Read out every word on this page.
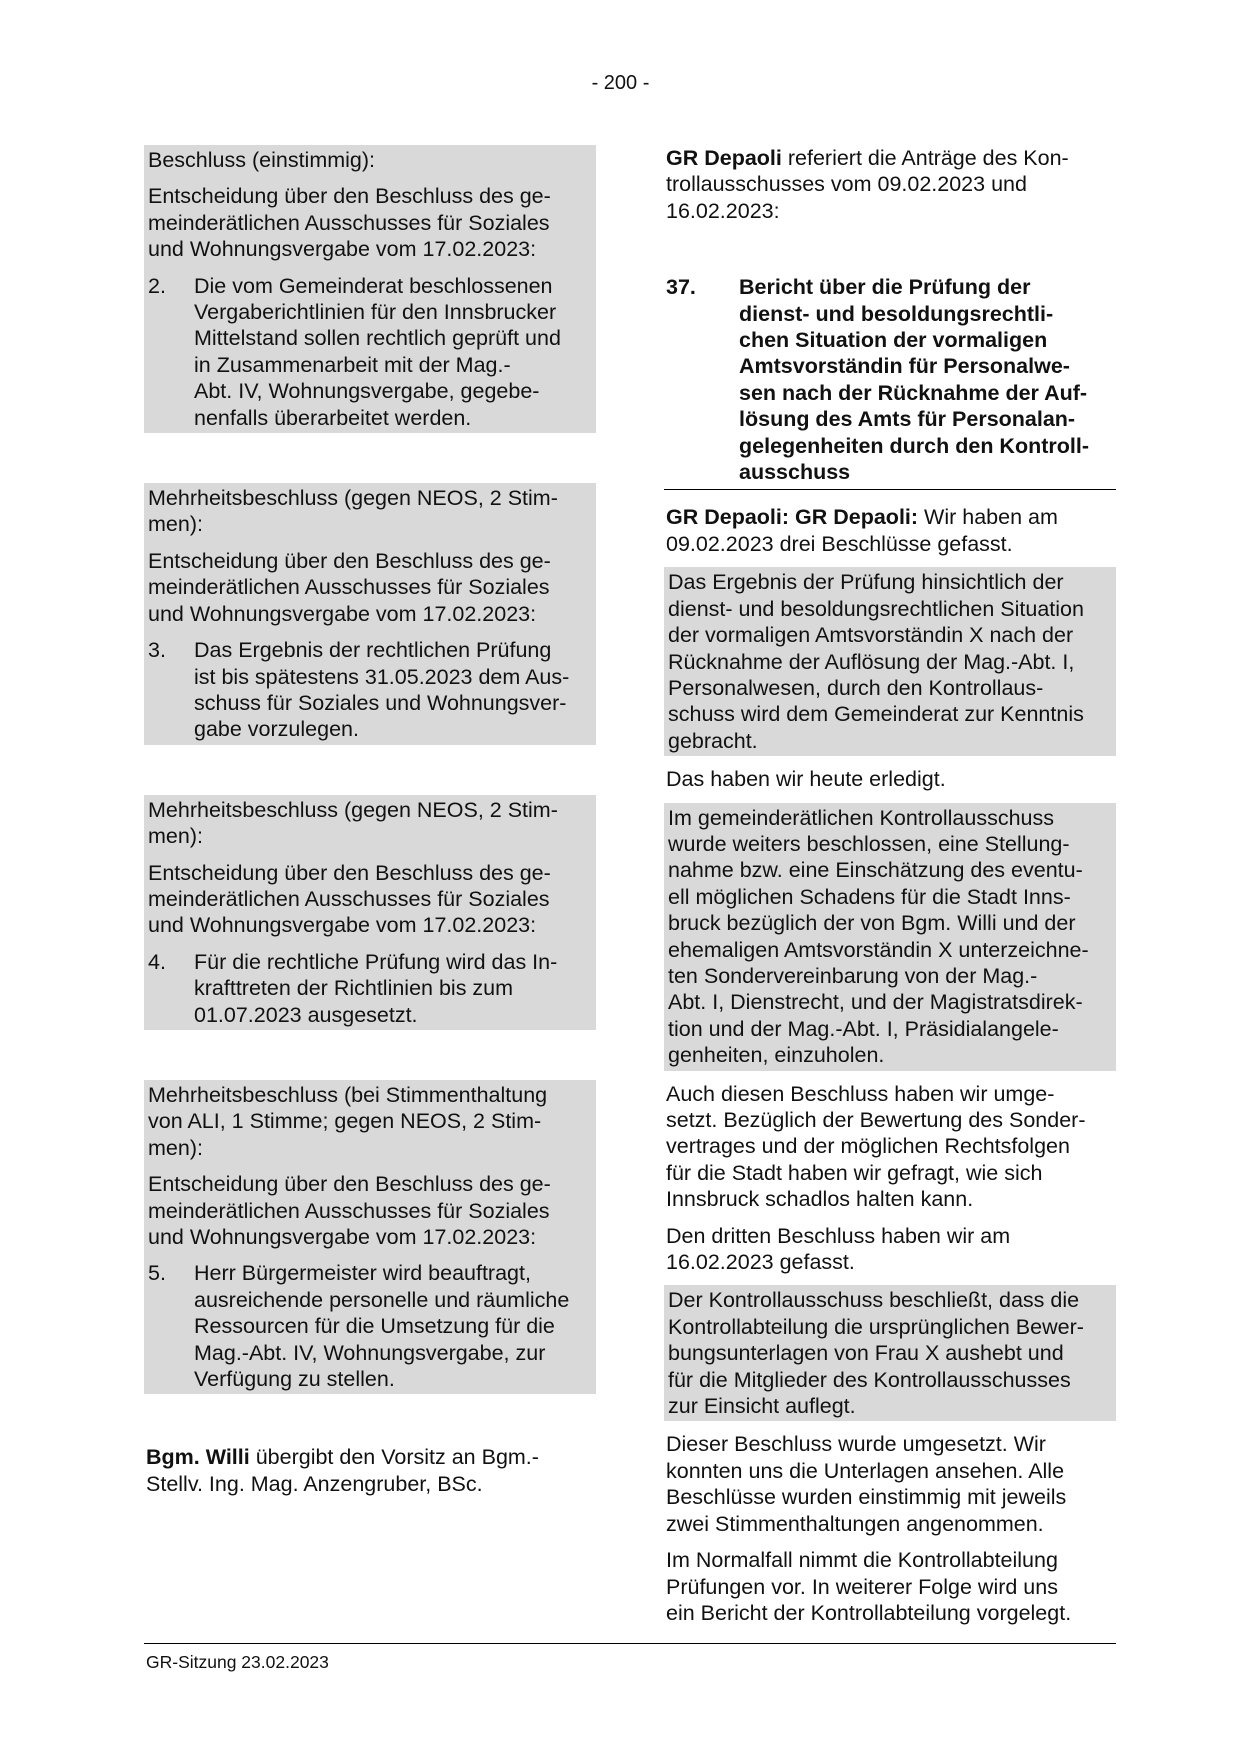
- 200 -

Beschluss (einstimmig):

Entscheidung über den Beschluss des ge-
meinderätlichen Ausschusses für Soziales
und Wohnungsvergabe vom 17.02.2023:

2.	Die vom Gemeinderat beschlossenen
Vergaberichtlinien für den Innsbrucker
Mittelstand sollen rechtlich geprüft und
in Zusammenarbeit mit der Mag.-
Abt. IV, Wohnungsvergabe, gegebe-
nenfalls überarbeitet werden.

Mehrheitsbeschluss (gegen NEOS, 2 Stim-
men):

Entscheidung über den Beschluss des ge-
meinderätlichen Ausschusses für Soziales
und Wohnungsvergabe vom 17.02.2023:

3.	Das Ergebnis der rechtlichen Prüfung
ist bis spätestens 31.05.2023 dem Aus-
schuss für Soziales und Wohnungsver-
gabe vorzulegen.

Mehrheitsbeschluss (gegen NEOS, 2 Stim-
men):

Entscheidung über den Beschluss des ge-
meinderätlichen Ausschusses für Soziales
und Wohnungsvergabe vom 17.02.2023:

4.	Für die rechtliche Prüfung wird das In-
krafttreten der Richtlinien bis zum
01.07.2023 ausgesetzt.

Mehrheitsbeschluss (bei Stimmenthaltung
von ALI, 1 Stimme; gegen NEOS, 2 Stim-
men):

Entscheidung über den Beschluss des ge-
meinderätlichen Ausschusses für Soziales
und Wohnungsvergabe vom 17.02.2023:

5.	Herr Bürgermeister wird beauftragt,
ausreichende personelle und räumliche
Ressourcen für die Umsetzung für die
Mag.-Abt. IV, Wohnungsvergabe, zur
Verfügung zu stellen.

Bgm. Willi übergibt den Vorsitz an Bgm.-
Stellv. Ing. Mag. Anzengruber, BSc.

GR Depaoli referiert die Anträge des Kon-
trollausschusses vom 09.02.2023 und
16.02.2023:

37.	Bericht über die Prüfung der
dienst- und besoldungsrechtli-
chen Situation der vormaligen
Amtsvorständin für Personalwe-
sen nach der Rücknahme der Auf-
lösung des Amts für Personalan-
gelegenheiten durch den Kontroll-
ausschuss

GR Depaoli: GR Depaoli: Wir haben am
09.02.2023 drei Beschlüsse gefasst.

Das Ergebnis der Prüfung hinsichtlich der
dienst- und besoldungsrechtlichen Situation
der vormaligen Amtsvorständin X nach der
Rücknahme der Auflösung der Mag.-Abt. I,
Personalwesen, durch den Kontrollaus-
schuss wird dem Gemeinderat zur Kenntnis
gebracht.

Das haben wir heute erledigt.

Im gemeinderätlichen Kontrollausschuss
wurde weiters beschlossen, eine Stellung-
nahme bzw. eine Einschätzung des eventu-
ell möglichen Schadens für die Stadt Inns-
bruck bezüglich der von Bgm. Willi und der
ehemaligen Amtsvorständin X unterzeichne-
ten Sondervereinbarung von der Mag.-
Abt. I, Dienstrecht, und der Magistratsdirek-
tion und der Mag.-Abt. I, Präsidialangele-
genheiten, einzuholen.

Auch diesen Beschluss haben wir umge-
setzt. Bezüglich der Bewertung des Sonder-
vertrages und der möglichen Rechtsfolgen
für die Stadt haben wir gefragt, wie sich
Innsbruck schadlos halten kann.

Den dritten Beschluss haben wir am
16.02.2023 gefasst.

Der Kontrollausschuss beschließt, dass die
Kontrollabteilung die ursprünglichen Bewer-
bungsunterlagen von Frau X aushebt und
für die Mitglieder des Kontrollausschusses
zur Einsicht auflegt.

Dieser Beschluss wurde umgesetzt. Wir
konnten uns die Unterlagen ansehen. Alle
Beschlüsse wurden einstimmig mit jeweils
zwei Stimmenthaltungen angenommen.

Im Normalfall nimmt die Kontrollabteilung
Prüfungen vor. In weiterer Folge wird uns
ein Bericht der Kontrollabteilung vorgelegt.

GR-Sitzung 23.02.2023
